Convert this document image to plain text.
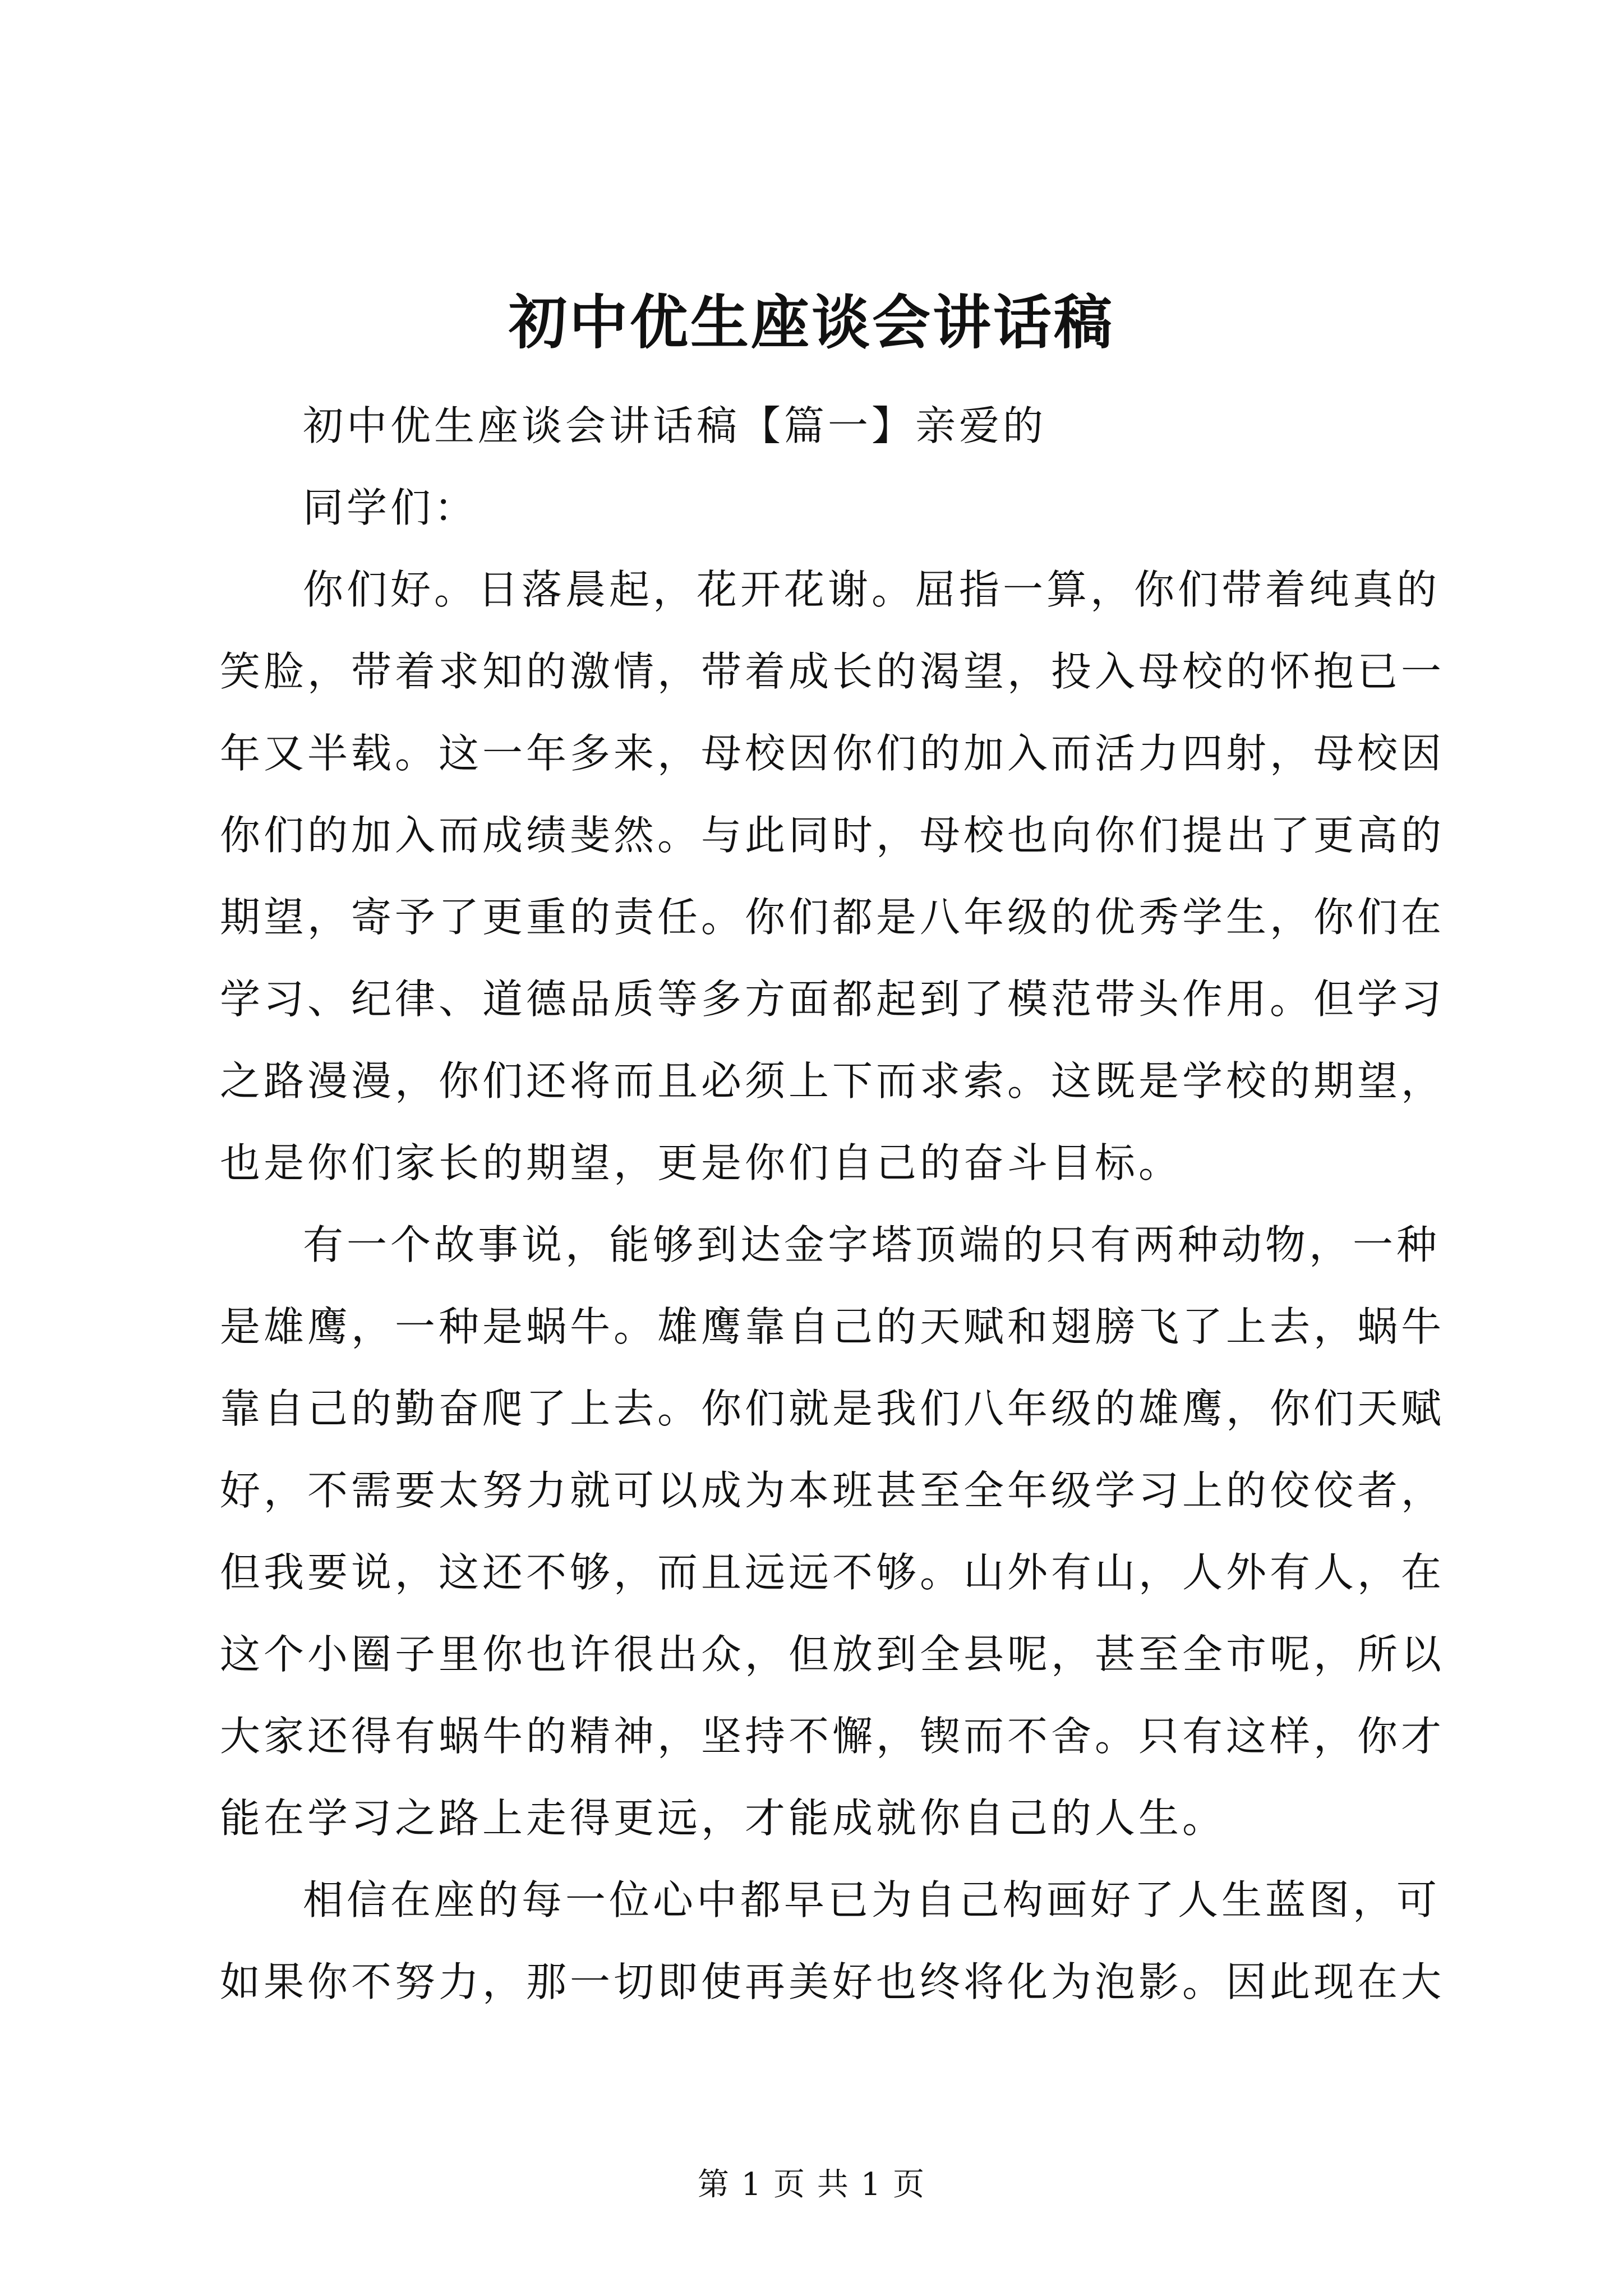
初中优生座谈会讲话稿
初中优生座谈会讲话稿【篇一】亲爱的
同学们：
你们好。日落晨起，花开花谢。屈指一算，你们带着纯真的
笑脸，带着求知的激情，带着成长的渴望，投入母校的怀抱已一
年又半载。这一年多来，母校因你们的加入而活力四射，母校因
你们的加入而成绩斐然。与此同时，母校也向你们提出了更高的
期望，寄予了更重的责任。你们都是八年级的优秀学生，你们在
学习、纪律、道德品质等多方面都起到了模范带头作用。但学习
之路漫漫，你们还将而且必须上下而求索。这既是学校的期望，
也是你们家长的期望，更是你们自己的奋斗目标。
有一个故事说，能够到达金字塔顶端的只有两种动物，一种
是雄鹰，一种是蜗牛。雄鹰靠自己的天赋和翅膀飞了上去，蜗牛
靠自己的勤奋爬了上去。你们就是我们八年级的雄鹰，你们天赋
好，不需要太努力就可以成为本班甚至全年级学习上的佼佼者，
但我要说，这还不够，而且远远不够。山外有山，人外有人，在
这个小圈子里你也许很出众，但放到全县呢，甚至全市呢，所以
大家还得有蜗牛的精神，坚持不懈，锲而不舍。只有这样，你才
能在学习之路上走得更远，才能成就你自己的人生。
相信在座的每一位心中都早已为自己构画好了人生蓝图，可
如果你不努力，那一切即使再美好也终将化为泡影。因此现在大
第 1 页 共 1 页
